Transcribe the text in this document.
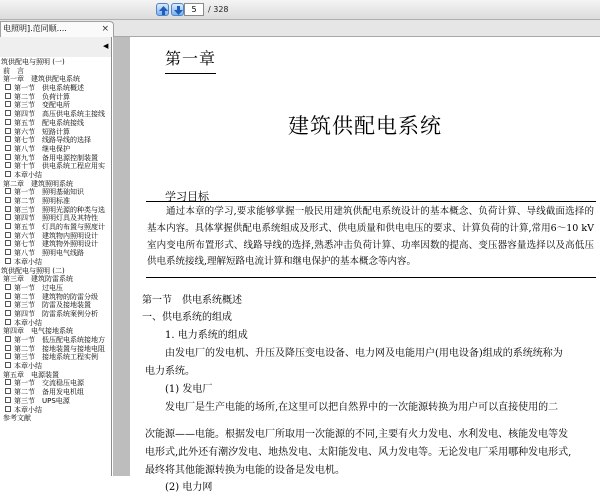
5
/ 328
电照明].范同顺....	×
◀
筑供配电与照明 (一)
前　言
第一章　建筑供配电系统
第一节　供电系统概述
第二节　负荷计算
第三节　变配电所
第四节　高压供电系统主接线
第五节　配电系统接线
第六节　短路计算
第七节　线路导线的选择
第八节　继电保护
第九节　备用电源控制装置
第十节　供电系统工程应用实
本章小结
第二章　建筑照明系统
第一节　照明基础知识
第二节　照明标准
第三节　照明光源的种类与选
第四节　照明灯具及其特性
第五节　灯具的布置与照度计
第六节　建筑物内照明设计
第七节　建筑物外照明设计
第八节　照明电气线路
本章小结
筑供配电与照明 (二)
第三章　建筑防雷系统
第一节　过电压
第二节　建筑物的防雷分级
第三节　防雷及接地装置
第四节　防雷系统案例分析
本章小结
第四章　电气接地系统
第一节　低压配电系统接地方
第二节　接地装置与接地电阻
第三节　接地系统工程实例
本章小结
第五章　电源装置
第一节　交流稳压电源
第二节　备用发电机组
第三节　UPS电源
本章小结
参考文献
第一章
建筑供配电系统
学习目标
通过本章的学习,要求能够掌握一般民用建筑供配电系统设计的基本概念、负荷计算、导线截面选择的基本内容。具体掌握供配电系统组成及形式、供电质量和供电电压的要求、计算负荷的计算,常用6～10 kV室内变电所布置形式、线路导线的选择,熟悉冲击负荷计算、功率因数的提高、变压器容量选择以及高低压供电系统接线,理解短路电流计算和继电保护的基本概念等内容。
第一节　供电系统概述
一、供电系统的组成
1. 电力系统的组成
由发电厂的发电机、升压及降压变电设备、电力网及电能用户(用电设备)组成的系统统称为
电力系统。
(1) 发电厂
发电厂是生产电能的场所,在这里可以把自然界中的一次能源转换为用户可以直接使用的二
次能源——电能。根据发电厂所取用一次能源的不同,主要有火力发电、水利发电、核能发电等发
电形式,此外还有潮汐发电、地热发电、太阳能发电、风力发电等。无论发电厂采用哪种发电形式,
最终将其他能源转换为电能的设备是发电机。
(2) 电力网
